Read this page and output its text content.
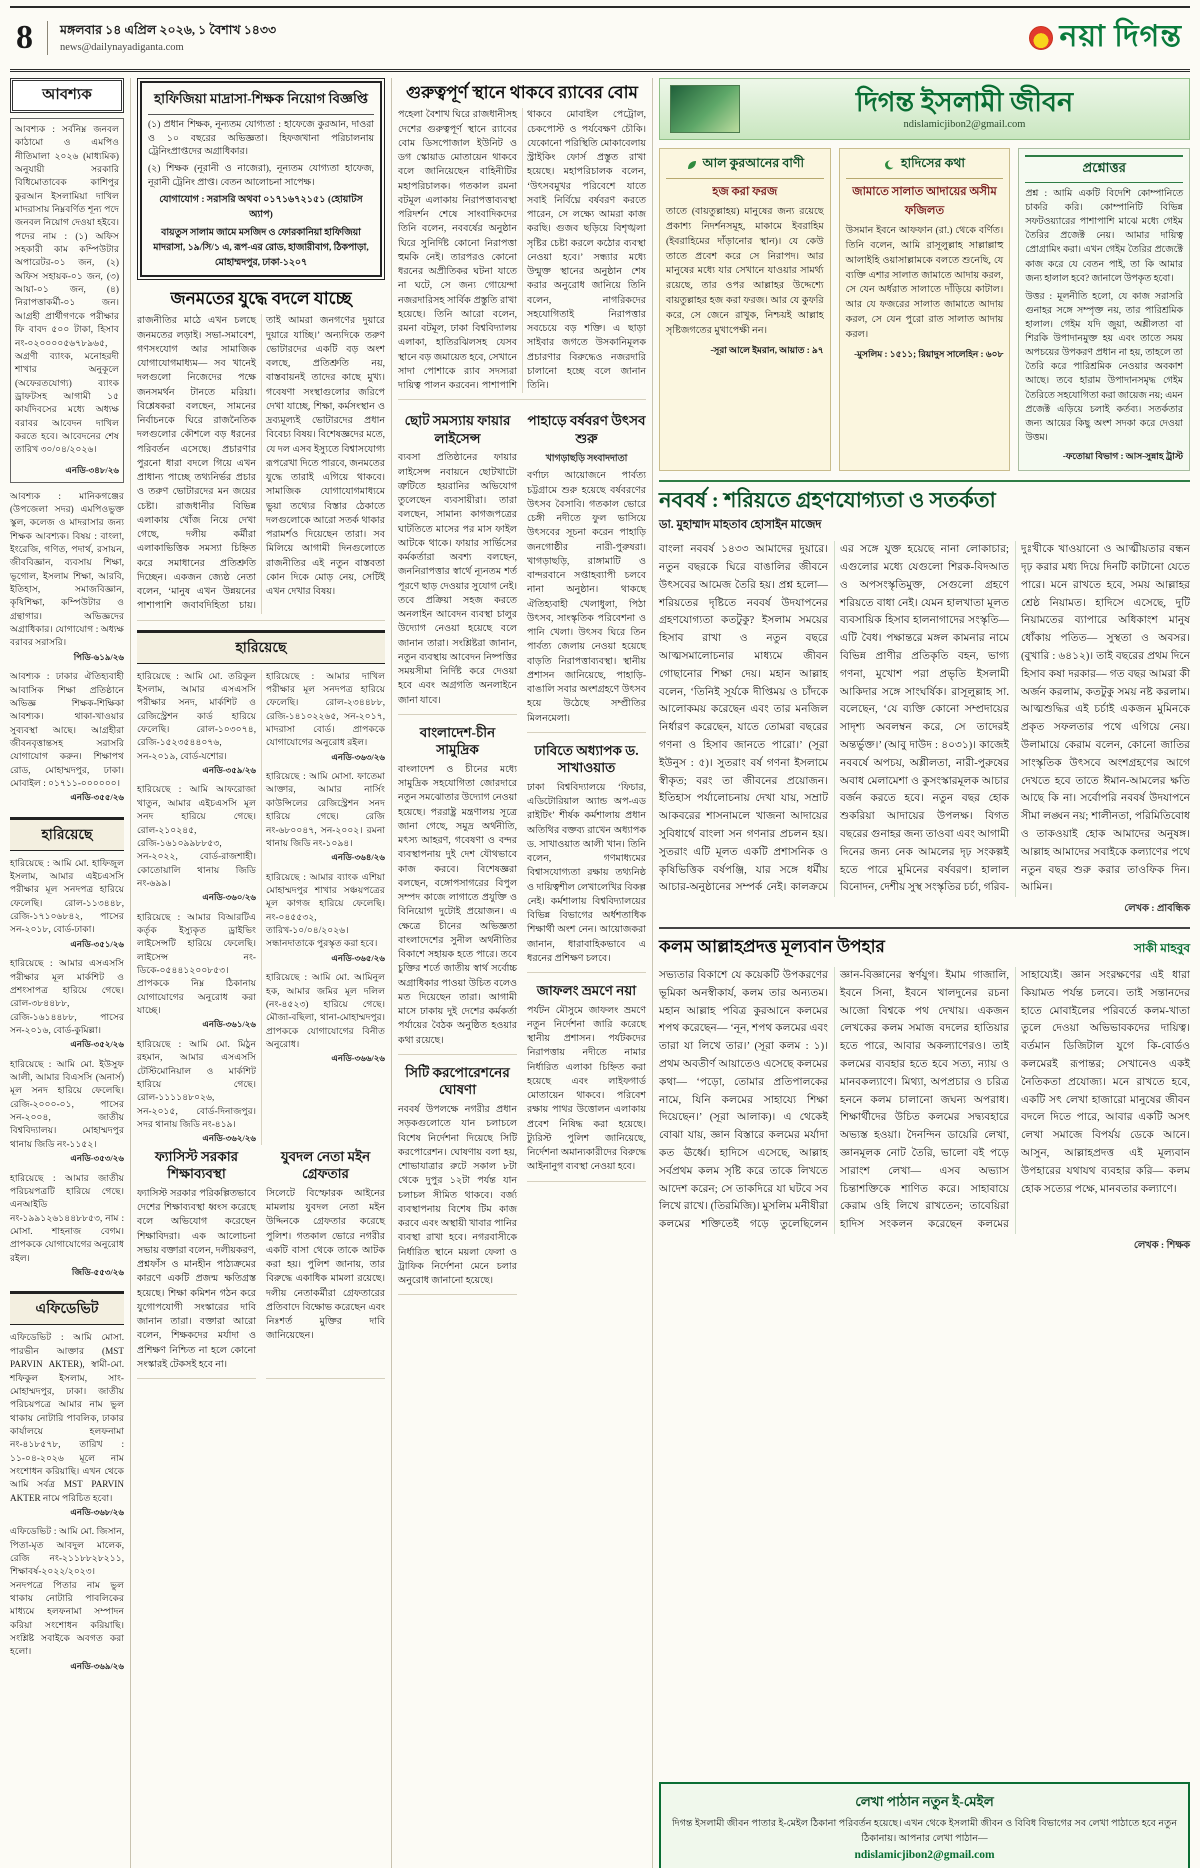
8	মঙ্গলবার ১৪ এপ্রিল ২০২৬, ১ বৈশাখ ১৪৩৩
news@dailynayadiganta.com	নয়া দিগন্ত
আবশ্যক

আবশ্যক : সর্বনিম্ন জনবল কাঠামো ও এমপিও নীতিমালা ২০২৬ (মাধ্যমিক) অনুযায়ী সরকারি বিধিমোতাবেক কাশিপুর কুরআন ইসলামিয়া দাখিল মাদরাসায় নিম্নবর্ণিত শূন্য পদে জনবল নিয়োগ দেওয়া হইবে। পদের নাম : (১) অফিস সহকারী কাম কম্পিউটার অপারেটর-০১ জন, (২) অফিস সহায়ক-০১ জন, (৩) আয়া-০১ জন, (৪) নিরাপত্তাকর্মী-০১ জন। আগ্রহী প্রার্থীগণকে পরীক্ষার ফি বাবদ ৫০০ টাকা, হিসাব নং-০২০০০০৫৬৭৮৯৬৫, অগ্রণী ব্যাংক, মনোহরদী শাখার অনুকূলে (অফেরতযোগ্য) ব্যাংক ড্রাফটসহ আগামী ১৫ কার্যদিবসের মধ্যে অধ্যক্ষ বরাবর আবেদন দাখিল করতে হবে। আবেদনের শেষ তারিখ ৩০/০৪/২০২৬।

এনডি-৩৪৮/২৬
আবশ্যক : মানিকগঞ্জের (উপজেলা সদর) এমপিওভুক্ত স্কুল, কলেজ ও মাদরাসার জন্য শিক্ষক আবশ্যক। বিষয় : বাংলা, ইংরেজি, গণিত, পদার্থ, রসায়ন, জীববিজ্ঞান, ব্যবসায় শিক্ষা, ভূগোল, ইসলাম শিক্ষা, আরবি, ইতিহাস, সমাজবিজ্ঞান, কৃষিশিক্ষা, কম্পিউটার ও গ্রন্থাগার। অভিজ্ঞদের অগ্রাধিকার। যোগাযোগ : অধ্যক্ষ বরাবর সরাসরি।
পিডি-৬১৯/২৬
আবশ্যক : ঢাকার ঐতিহ্যবাহী আবাসিক শিক্ষা প্রতিষ্ঠানে অভিজ্ঞ শিক্ষক-শিক্ষিকা আবশ্যক। থাকা-খাওয়ার সুব্যবস্থা আছে। আগ্রহীরা জীবনবৃত্তান্তসহ সরাসরি যোগাযোগ করুন। শিক্ষাপথ রোড, মোহাম্মদপুর, ঢাকা। মোবাইল : ০১৭১১-০০০০০০।
এনডি-৩৫৫/২৬
হারিয়েছে
হারিয়েছে : আমি মো. হাফিজুল ইসলাম, আমার এইচএসসি পরীক্ষার মূল সনদপত্র হারিয়ে ফেলেছি। রোল-১১৩৪৪৮, রেজি-১৭১০৬৮৪২, পাসের সন-২০১৮, বোর্ড-ঢাকা।
এনডি-৩৫১/২৬
হারিয়েছে : আমার এসএসসি পরীক্ষার মূল মার্কশিট ও প্রশংসাপত্র হারিয়ে গেছে। রোল-৩৮৪৪৮৮, রেজি-১৬১৪৪৮৮, পাসের সন-২০১৬, বোর্ড-কুমিল্লা।
এনডি-৩৫২/২৬
হারিয়েছে : আমি মো. ইউসুফ আলী, আমার বিএসসি (অনার্স) মূল সনদ হারিয়ে ফেলেছি। রেজি-২০০০-০১, পাসের সন-২০০৪, জাতীয় বিশ্ববিদ্যালয়। মোহাম্মদপুর থানায় জিডি নং-১১৫২।
এনডি-৩৫৩/২৬
হারিয়েছে : আমার জাতীয় পরিচয়পত্রটি হারিয়ে গেছে। এনআইডি নং-১৯৯১২৬১৪৪৮৮৫৩, নাম : মোসা. শাহনাজ বেগম। প্রাপককে যোগাযোগের অনুরোধ রইল।
জিডি-৫৫৩/২৬
এফিডেভিট
এফিডেভিট : আমি মোসা. পারভীন আক্তার (MST PARVIN AKTER), স্বামী-মো. শফিকুল ইসলাম, সাং-মোহাম্মদপুর, ঢাকা। জাতীয় পরিচয়পত্রে আমার নাম ভুল থাকায় নোটারি পাবলিক, ঢাকার কার্যালয়ে হলফনামা নং-৪১৮৫৭৮, তারিখ : ১১-০৪-২০২৬ মূলে নাম সংশোধন করিয়াছি। এখন থেকে আমি সর্বত্র MST PARVIN AKTER নামে পরিচিত হবো।
এনডি-৩৬৮/২৬
এফিডেভিট : আমি মো. জিসান, পিতা-মৃত আবদুল মালেক, রেজি নং-২১১৮৮২৮২১১, শিক্ষাবর্ষ-২০২২/২০২৩। সনদপত্রে পিতার নাম ভুল থাকায় নোটারি পাবলিকের মাধ্যমে হলফনামা সম্পাদন করিয়া সংশোধন করিয়াছি। সংশ্লিষ্ট সবাইকে অবগত করা হলো।
এনডি-৩৬৯/২৬
হাফিজিয়া মাদ্রাসা-শিক্ষক নিয়োগ বিজ্ঞপ্তি

(১) প্রধান শিক্ষক, নূন্যতম যোগ্যতা : হাফেজে কুরআন, দাওরা ও ১০ বছরের অভিজ্ঞতা। হিফজখানা পরিচালনায় ট্রেনিংপ্রাপ্তদের অগ্রাধিকার।

(২) শিক্ষক (নূরানী ও নাজেরা), নূন্যতম যোগ্যতা হাফেজ, নূরানী ট্রেনিং প্রাপ্ত। বেতন আলোচনা সাপেক্ষ।

যোগাযোগ : সরাসরি অথবা ০১৭১৬৭২১৫১ (হোয়াটস অ্যাপ)
বায়তুস সালাম জামে মসজিদ ও ফোরকানিয়া হাফিজিয়া মাদরাসা, ১৯/সি/১ এ, রূপ-এর রোড, হাজারীবাগ, ঠিকপাড়া, মোহাম্মদপুর, ঢাকা-১২০৭
জনমতের যুদ্ধে বদলে যাচ্ছে
রাজনীতির মাঠে এখন চলছে জনমতের লড়াই। সভা-সমাবেশ, গণসংযোগ আর সামাজিক যোগাযোগমাধ্যম— সব খানেই দলগুলো নিজেদের পক্ষে জনসমর্থন টানতে মরিয়া। বিশ্লেষকরা বলছেন, সামনের নির্বাচনকে ঘিরে রাজনৈতিক দলগুলোর কৌশলে বড় ধরনের পরিবর্তন এসেছে। প্রচারণার পুরনো ধারা বদলে গিয়ে এখন প্রাধান্য পাচ্ছে তথ্যনির্ভর প্রচার ও তরুণ ভোটারদের মন জয়ের চেষ্টা। রাজধানীর বিভিন্ন এলাকায় খোঁজ নিয়ে দেখা গেছে, দলীয় কর্মীরা এলাকাভিত্তিক সমস্যা চিহ্নিত করে সমাধানের প্রতিশ্রুতি দিচ্ছেন। একজন জ্যেষ্ঠ নেতা বলেন, ‘মানুষ এখন উন্নয়নের পাশাপাশি জবাবদিহিতা চায়। তাই আমরা জনগণের দুয়ারে দুয়ারে যাচ্ছি।’ অন্যদিকে তরুণ ভোটারদের একটি বড় অংশ বলছে, প্রতিশ্রুতি নয়, বাস্তবায়নই তাদের কাছে মুখ্য। গবেষণা সংস্থাগুলোর জরিপে দেখা যাচ্ছে, শিক্ষা, কর্মসংস্থান ও দ্রব্যমূল্যই ভোটারদের প্রধান বিবেচ্য বিষয়। বিশেষজ্ঞদের মতে, যে দল এসব ইস্যুতে বিশ্বাসযোগ্য রূপরেখা দিতে পারবে, জনমতের যুদ্ধে তারাই এগিয়ে থাকবে। সামাজিক যোগাযোগমাধ্যমে ভুয়া তথ্যের বিস্তার ঠেকাতে দলগুলোকে আরো সতর্ক থাকার পরামর্শও দিয়েছেন তারা। সব মিলিয়ে আগামী দিনগুলোতে রাজনীতির এই নতুন বাস্তবতা কোন দিকে মোড় নেয়, সেটিই এখন দেখার বিষয়।
হারিয়েছে
হারিয়েছে : আমি মো. তরিকুল ইসলাম, আমার এসএসসি পরীক্ষার সনদ, মার্কশিট ও রেজিস্ট্রেশন কার্ড হারিয়ে ফেলেছি। রোল-১০৩০৭৪, রেজি-১৫২৩৫৪৪০৭৬, সন-২০১৯, বোর্ড-যশোর।
এনডি-৩৫৯/২৬
হারিয়েছে : আমি আফরোজা খাতুন, আমার এইচএসসি মূল সনদ হারিয়ে গেছে। রোল-২১০২৪৫, রেজি-১৬১০৯৯৮৮৫৩, সন-২০২২, বোর্ড-রাজশাহী। কোতোয়ালি থানায় জিডি নং-৬৯৯।
এনডি-৩৬০/২৬
হারিয়েছে : আমার বিআরটিএ কর্তৃক ইস্যুকৃত ড্রাইভিং লাইসেন্সটি হারিয়ে ফেলেছি। লাইসেন্স নং-ডিকে-০৫৪৪১২০০৮৫৩। প্রাপককে নিম্ন ঠিকানায় যোগাযোগের অনুরোধ করা যাচ্ছে।
এনডি-৩৬১/২৬
হারিয়েছে : আমি মো. মিঠুন রহমান, আমার এসএসসি টেস্টিমোনিয়াল ও মার্কশিট হারিয়ে গেছে। রোল-১১১১৪৮০২৬, সন-২০১৫, বোর্ড-দিনাজপুর। সদর থানায় জিডি নং-৪১৯।
এনডি-৩৬২/২৬
হারিয়েছে : আমার দাখিল পরীক্ষার মূল সনদপত্র হারিয়ে ফেলেছি। রোল-২৩৪৪৮৮, রেজি-১৪১০২২৬৫, সন-২০১৭, মাদরাসা বোর্ড। প্রাপককে যোগাযোগের অনুরোধ রইল।
এনডি-৩৬৩/২৬
হারিয়েছে : আমি মোসা. ফাতেমা আক্তার, আমার নার্সিং কাউন্সিলের রেজিস্ট্রেশন সনদ হারিয়ে গেছে। রেজি নং-৬৮০০৪৭, সন-২০০২। রমনা থানায় জিডি নং-১০৯৪।
এনডি-৩৬৪/২৬
হারিয়েছে : আমার ব্যাংক এশিয়া মোহাম্মদপুর শাখার সঞ্চয়পত্রের মূল কাগজ হারিয়ে ফেলেছি। নং-০৪৫৫৩২, তারিখ-১০/০৪/২০২৬। সন্ধানদাতাকে পুরস্কৃত করা হবে।
এনডি-৩৬৫/২৬
হারিয়েছে : আমি মো. আমিনুল হক, আমার জমির মূল দলিল (নং-৪৫২৩) হারিয়ে গেছে। মৌজা-বছিলা, থানা-মোহাম্মদপুর। প্রাপককে যোগাযোগের বিনীত অনুরোধ।
এনডি-৩৬৬/২৬
ফ্যাসিস্ট সরকার শিক্ষাব্যবস্থা
ফ্যাসিস্ট সরকার পরিকল্পিতভাবে দেশের শিক্ষাব্যবস্থা ধ্বংস করেছে বলে অভিযোগ করেছেন শিক্ষাবিদরা। এক আলোচনা সভায় বক্তারা বলেন, দলীয়করণ, প্রশ্নফাঁস ও মানহীন পাঠ্যক্রমের কারণে একটি প্রজন্ম ক্ষতিগ্রস্ত হয়েছে। শিক্ষা কমিশন গঠন করে যুগোপযোগী সংস্কারের দাবি জানান তারা। বক্তারা আরো বলেন, শিক্ষকদের মর্যাদা ও প্রশিক্ষণ নিশ্চিত না হলে কোনো সংস্কারই টেকসই হবে না।
যুবদল নেতা মইন গ্রেফতার
সিলেটে বিস্ফোরক আইনের মামলায় যুবদল নেতা মইন উদ্দিনকে গ্রেফতার করেছে পুলিশ। গতকাল ভোরে নগরীর একটি বাসা থেকে তাকে আটক করা হয়। পুলিশ জানায়, তার বিরুদ্ধে একাধিক মামলা রয়েছে। দলীয় নেতাকর্মীরা গ্রেফতারের প্রতিবাদে বিক্ষোভ করেছেন এবং নিঃশর্ত মুক্তির দাবি জানিয়েছেন।
গুরুত্বপূর্ণ স্থানে থাকবে র‍্যাবের বোম
পহেলা বৈশাখ ঘিরে রাজধানীসহ দেশের গুরুত্বপূর্ণ স্থানে র‍্যাবের বোম ডিসপোজাল ইউনিট ও ডগ স্কোয়াড মোতায়েন থাকবে বলে জানিয়েছেন বাহিনীটির মহাপরিচালক। গতকাল রমনা বটমূল এলাকায় নিরাপত্তাব্যবস্থা পরিদর্শন শেষে সাংবাদিকদের তিনি বলেন, নববর্ষের অনুষ্ঠান ঘিরে সুনির্দিষ্ট কোনো নিরাপত্তা হুমকি নেই। তারপরও কোনো ধরনের অপ্রীতিকর ঘটনা যাতে না ঘটে, সে জন্য গোয়েন্দা নজরদারিসহ সার্বিক প্রস্তুতি রাখা হয়েছে। তিনি আরো বলেন, রমনা বটমূল, ঢাকা বিশ্ববিদ্যালয় এলাকা, হাতিরঝিলসহ যেসব স্থানে বড় জমায়েত হবে, সেখানে সাদা পোশাকে র‍্যাব সদস্যরা দায়িত্ব পালন করবেন। পাশাপাশি থাকবে মোবাইল পেট্রোল, চেকপোস্ট ও পর্যবেক্ষণ চৌকি। যেকোনো পরিস্থিতি মোকাবেলায় স্ট্রাইকিং ফোর্স প্রস্তুত রাখা হয়েছে। মহাপরিচালক বলেন, ‘উৎসবমুখর পরিবেশে যাতে সবাই নির্বিঘ্নে বর্ষবরণ করতে পারেন, সে লক্ষ্যে আমরা কাজ করছি। গুজব ছড়িয়ে বিশৃঙ্খলা সৃষ্টির চেষ্টা করলে কঠোর ব্যবস্থা নেওয়া হবে।’ সন্ধ্যার মধ্যে উন্মুক্ত স্থানের অনুষ্ঠান শেষ করার অনুরোধ জানিয়ে তিনি বলেন, নাগরিকদের সহযোগিতাই নিরাপত্তার সবচেয়ে বড় শক্তি। এ ছাড়া সাইবার জগতে উসকানিমূলক প্রচারণার বিরুদ্ধেও নজরদারি চালানো হচ্ছে বলে জানান তিনি।
ছোট সমস্যায় ফায়ার লাইসেন্স
ব্যবসা প্রতিষ্ঠানের ফায়ার লাইসেন্স নবায়নে ছোটখাটো ত্রুটিতে হয়রানির অভিযোগ তুলেছেন ব্যবসায়ীরা। তারা বলছেন, সামান্য কাগজপত্রের ঘাটতিতে মাসের পর মাস ফাইল আটকে থাকে। ফায়ার সার্ভিসের কর্মকর্তারা অবশ্য বলছেন, জননিরাপত্তার স্বার্থে ন্যূনতম শর্ত পূরণে ছাড় দেওয়ার সুযোগ নেই। তবে প্রক্রিয়া সহজ করতে অনলাইন আবেদন ব্যবস্থা চালুর উদ্যোগ নেওয়া হয়েছে বলে জানান তারা। সংশ্লিষ্টরা জানান, নতুন ব্যবস্থায় আবেদন নিষ্পত্তির সময়সীমা নির্দিষ্ট করে দেওয়া হবে এবং অগ্রগতি অনলাইনে জানা যাবে।
বাংলাদেশ-চীন সামুদ্রিক
বাংলাদেশ ও চীনের মধ্যে সামুদ্রিক সহযোগিতা জোরদারে নতুন সমঝোতার উদ্যোগ নেওয়া হয়েছে। পররাষ্ট্র মন্ত্রণালয় সূত্রে জানা গেছে, সমুদ্র অর্থনীতি, মৎস্য আহরণ, গবেষণা ও বন্দর ব্যবস্থাপনায় দুই দেশ যৌথভাবে কাজ করবে। বিশেষজ্ঞরা বলছেন, বঙ্গোপসাগরের বিপুল সম্পদ কাজে লাগাতে প্রযুক্তি ও বিনিয়োগ দুটোই প্রয়োজন। এ ক্ষেত্রে চীনের অভিজ্ঞতা বাংলাদেশের সুনীল অর্থনীতির বিকাশে সহায়ক হতে পারে। তবে চুক্তির শর্তে জাতীয় স্বার্থ সর্বোচ্চ অগ্রাধিকার পাওয়া উচিত বলেও মত দিয়েছেন তারা। আগামী মাসে ঢাকায় দুই দেশের কর্মকর্তা পর্যায়ের বৈঠক অনুষ্ঠিত হওয়ার কথা রয়েছে।
সিটি করপোরেশনের ঘোষণা
নববর্ষ উপলক্ষে নগরীর প্রধান সড়কগুলোতে যান চলাচলে বিশেষ নির্দেশনা দিয়েছে সিটি করপোরেশন। ঘোষণায় বলা হয়, শোভাযাত্রার রুটে সকাল ৮টা থেকে দুপুর ১২টা পর্যন্ত যান চলাচল সীমিত থাকবে। বর্জ্য ব্যবস্থাপনায় বিশেষ টিম কাজ করবে এবং অস্থায়ী খাবার পানির ব্যবস্থা রাখা হবে। নগরবাসীকে নির্ধারিত স্থানে ময়লা ফেলা ও ট্রাফিক নির্দেশনা মেনে চলার অনুরোধ জানানো হয়েছে।
পাহাড়ে বর্ষবরণ উৎসব শুরু
খাগড়াছড়ি সংবাদদাতা
বর্ণাঢ্য আয়োজনে পার্বত্য চট্টগ্রামে শুরু হয়েছে বর্ষবরণের উৎসব বৈসাবি। গতকাল ভোরে চেঙ্গী নদীতে ফুল ভাসিয়ে উৎসবের সূচনা করেন পাহাড়ি জনগোষ্ঠীর নারী-পুরুষরা। খাগড়াছড়ি, রাঙ্গামাটি ও বান্দরবানে সপ্তাহব্যাপী চলবে নানা অনুষ্ঠান। থাকছে ঐতিহ্যবাহী খেলাধুলা, পিঠা উৎসব, সাংস্কৃতিক পরিবেশনা ও পানি খেলা। উৎসব ঘিরে তিন পার্বত্য জেলায় নেওয়া হয়েছে বাড়তি নিরাপত্তাব্যবস্থা। স্থানীয় প্রশাসন জানিয়েছে, পাহাড়ি-বাঙালি সবার অংশগ্রহণে উৎসব হয়ে উঠেছে সম্প্রীতির মিলনমেলা।
ঢাবিতে অধ্যাপক ড. সাখাওয়াত
ঢাকা বিশ্ববিদ্যালয়ে ‘ফিচার, এডিটোরিয়াল অ্যান্ড অপ-এড রাইটিং’ শীর্ষক কর্মশালায় প্রধান অতিথির বক্তব্য রাখেন অধ্যাপক ড. সাখাওয়াত আলী খান। তিনি বলেন, গণমাধ্যমের বিশ্বাসযোগ্যতা রক্ষায় তথ্যনিষ্ঠ ও দায়িত্বশীল লেখালেখির বিকল্প নেই। কর্মশালায় বিশ্ববিদ্যালয়ের বিভিন্ন বিভাগের অর্ধশতাধিক শিক্ষার্থী অংশ নেন। আয়োজকরা জানান, ধারাবাহিকভাবে এ ধরনের প্রশিক্ষণ চলবে।
জাফলং ভ্রমণে নয়া
পর্যটন মৌসুমে জাফলং ভ্রমণে নতুন নির্দেশনা জারি করেছে স্থানীয় প্রশাসন। পর্যটকদের নিরাপত্তায় নদীতে নামার নির্ধারিত এলাকা চিহ্নিত করা হয়েছে এবং লাইফগার্ড মোতায়েন থাকবে। পরিবেশ রক্ষায় পাথর উত্তোলন এলাকায় প্রবেশ নিষিদ্ধ করা হয়েছে। ট্যুরিস্ট পুলিশ জানিয়েছে, নির্দেশনা অমান্যকারীদের বিরুদ্ধে আইনানুগ ব্যবস্থা নেওয়া হবে।
দিগন্ত ইসলামী জীবন
ndislamicjibon2@gmail.com
আল কুরআনের বাণী
হজ করা ফরজ
তাতে (বায়তুল্লাহয়) মানুষের জন্য রয়েছে প্রকাশ্য নিদর্শনসমূহ, মাকামে ইবরাহিম (ইবরাহিমের দাঁড়ানোর স্থান)। যে কেউ তাতে প্রবেশ করে সে নিরাপদ। আর মানুষের মধ্যে যার সেখানে যাওয়ার সামর্থ্য রয়েছে, তার ওপর আল্লাহর উদ্দেশ্যে বায়তুল্লাহর হজ করা ফরজ। আর যে কুফরি করে, সে জেনে রাখুক, নিশ্চয়ই আল্লাহ সৃষ্টিজগতের মুখাপেক্ষী নন।
-সূরা আলে ইমরান, আয়াত : ৯৭
হাদিসের কথা
জামাতে সালাত আদায়ের অসীম ফজিলত
উসমান ইবনে আফফান (রা.) থেকে বর্ণিত। তিনি বলেন, আমি রাসূলুল্লাহ সাল্লাল্লাহু আলাইহি ওয়াসাল্লামকে বলতে শুনেছি, যে ব্যক্তি এশার সালাত জামাতে আদায় করল, সে যেন অর্ধরাত সালাতে দাঁড়িয়ে কাটাল। আর যে ফজরের সালাত জামাতে আদায় করল, সে যেন পুরো রাত সালাত আদায় করল।
-মুসলিম : ১৫১১; রিয়াদুস সালেহিন : ৬০৮
প্রশ্নোত্তর

প্রশ্ন : আমি একটি বিদেশি কোম্পানিতে চাকরি করি। কোম্পানিটি বিভিন্ন সফটওয়্যারের পাশাপাশি মাঝে মধ্যে গেইম তৈরির প্রজেক্ট নেয়। আমার দায়িত্ব প্রোগ্রামিং করা। এখন গেইম তৈরির প্রজেক্টে কাজ করে যে বেতন পাই, তা কি আমার জন্য হালাল হবে? জানালে উপকৃত হবো।

উত্তর : মূলনীতি হলো, যে কাজ সরাসরি গুনাহর সঙ্গে সম্পৃক্ত নয়, তার পারিশ্রমিক হালাল। গেইম যদি জুয়া, অশ্লীলতা বা শিরকি উপাদানমুক্ত হয় এবং তাতে সময় অপচয়ের উপকরণ প্রধান না হয়, তাহলে তা তৈরি করে পারিশ্রমিক নেওয়ার অবকাশ আছে। তবে হারাম উপাদানসমৃদ্ধ গেইম তৈরিতে সহযোগিতা করা জায়েজ নয়; এমন প্রজেক্ট এড়িয়ে চলাই কর্তব্য। সতর্কতার জন্য আয়ের কিছু অংশ সদকা করে দেওয়া উত্তম।

-ফতোয়া বিভাগ : আস-সুন্নাহ ট্রাস্ট
নববর্ষ : শরিয়তে গ্রহণযোগ্যতা ও সতর্কতা
ডা. মুহাম্মাদ মাহতাব হোসাইন মাজেদ
বাংলা নববর্ষ ১৪৩৩ আমাদের দুয়ারে। নতুন বছরকে ঘ‍িরে বাঙালির জীবনে উৎসবের আমেজ তৈরি হয়। প্রশ্ন হলো— শরিয়তের দৃষ্টিতে নববর্ষ উদযাপনের গ্রহণযোগ্যতা কতটুকু? ইসলাম সময়ের হিসাব রাখা ও নতুন বছরে আত্মসমালোচনার মাধ্যমে জীবন গোছানোর শিক্ষা দেয়। মহান আল্লাহ বলেন, ‘তিনিই সূর্যকে দীপ্তিময় ও চাঁদকে আলোকময় করেছেন এবং তার মনজিল নির্ধারণ করেছেন, যাতে তোমরা বছরের গণনা ও হিসাব জানতে পারো।’ (সূরা ইউনুস : ৫)। সুতরাং বর্ষ গণনা ইসলামে স্বীকৃত; বরং তা জীবনের প্রয়োজন। ইতিহাস পর্যালোচনায় দেখা যায়, সম্রাট আকবরের শাসনামলে খাজনা আদায়ের সুবিধার্থে বাংলা সন গণনার প্রচলন হয়। সুতরাং এটি মূলত একটি প্রশাসনিক ও কৃষিভিত্তিক বর্ষপঞ্জি, যার সঙ্গে ধর্মীয় আচার-অনুষ্ঠানের সম্পর্ক নেই। কালক্রমে এর সঙ্গে যুক্ত হয়েছে নানা লোকাচার; এগুলোর মধ্যে যেগুলো শিরক-বিদআত ও অপসংস্কৃতিমুক্ত, সেগুলো গ্রহণে শরিয়তে বাধা নেই। যেমন হালখাতা মূলত ব্যবসায়িক হিসাব হালনাগাদের সংস্কৃতি— এটি বৈধ। পক্ষান্তরে মঙ্গল কামনার নামে বিভিন্ন প্রাণীর প্রতিকৃতি বহন, ভাগ্য গণনা, মুখোশ পরা প্রভৃতি ইসলামী আকিদার সঙ্গে সাংঘর্ষিক। রাসূলুল্লাহ সা. বলেছেন, ‘যে ব্যক্তি কোনো সম্প্রদায়ের সাদৃশ্য অবলম্বন করে, সে তাদেরই অন্তর্ভুক্ত।’ (আবু দাউদ : ৪০৩১)। কাজেই নববর্ষে অপচয়, অশ্লীলতা, নারী-পুরুষের অবাধ মেলামেশা ও কুসংস্কারমূলক আচার বর্জন করতে হবে। নতুন বছর হোক শুকরিয়া আদায়ের উপলক্ষ। বিগত বছরের গুনাহর জন্য তাওবা এবং আগামী দিনের জন্য নেক আমলের দৃঢ় সংকল্পই হতে পারে মুমিনের বর্ষবরণ। হালাল বিনোদন, দেশীয় সুস্থ সংস্কৃতির চর্চা, গরিব-দুঃখীকে খাওয়ানো ও আত্মীয়তার বন্ধন দৃঢ় করার মধ্য দিয়ে দিনটি কাটানো যেতে পারে। মনে রাখতে হবে, সময় আল্লাহর শ্রেষ্ঠ নিয়ামত। হাদিসে এসেছে, দুটি নিয়ামতের ব্যাপারে অধিকাংশ মানুষ ধোঁকায় পতিত— সুস্থতা ও অবসর। (বুখারি : ৬৪১২)। তাই বছরের প্রথম দিনে হিসাব কষা দরকার— গত বছর আমরা কী অর্জন করলাম, কতটুকু সময় নষ্ট করলাম। আত্মশুদ্ধির এই চর্চাই একজন মুমিনকে প্রকৃত সফলতার পথে এগিয়ে নেয়। উলামায়ে কেরাম বলেন, কোনো জাতির সাংস্কৃতিক উৎসবে অংশগ্রহণের আগে দেখতে হবে তাতে ঈমান-আমলের ক্ষতি আছে কি না। সর্বোপরি নববর্ষ উদযাপনে সীমা লঙ্ঘন নয়; শালীনতা, পরিমিতিবোধ ও তাকওয়াই হোক আমাদের অনুষঙ্গ। আল্লাহ আমাদের সবাইকে কল্যাণের পথে নতুন বছর শুরু করার তাওফিক দিন। আমিন।
লেখক : প্রাবন্ধিক
কলম আল্লাহপ্রদত্ত মূল্যবান উপহার	সাকী মাহবুব
সভ্যতার বিকাশে যে কয়েকটি উপকরণের ভূমিকা অনস্বীকার্য, কলম তার অন্যতম। মহান আল্লাহ পবিত্র কুরআনে কলমের শপথ করেছেন— ‘নূন, শপথ কলমের এবং তারা যা লিখে তার।’ (সূরা কলম : ১)। প্রথম অবতীর্ণ আয়াতেও এসেছে কলমের কথা— ‘পড়ো, তোমার প্রতিপালকের নামে, যিনি কলমের সাহায্যে শিক্ষা দিয়েছেন।’ (সূরা আলাক)। এ থেকেই বোঝা যায়, জ্ঞান বিস্তারে কলমের মর্যাদা কত ঊর্ধ্বে। হাদিসে এসেছে, আল্লাহ সর্বপ্রথম কলম সৃষ্টি করে তাকে লিখতে আদেশ করেন; সে তাকদিরে যা ঘটবে সব লিখে রাখে। (তিরমিজি)। মুসলিম মনীষীরা কলমের শক্তিতেই গড়ে তুলেছিলেন জ্ঞান-বিজ্ঞানের স্বর্ণযুগ। ইমাম গাজালি, ইবনে সিনা, ইবনে খালদুনের রচনা আজো বিশ্বকে পথ দেখায়। একজন লেখকের কলম সমাজ বদলের হাতিয়ার হতে পারে, আবার অকল্যাণেরও। তাই কলমের ব্যবহার হতে হবে সত্য, ন্যায় ও মানবকল্যাণে। মিথ্যা, অপপ্রচার ও চরিত্র হননে কলম চালানো জঘন্য অপরাধ। শিক্ষার্থীদের উচিত কলমের সদ্ব্যবহারে অভ্যস্ত হওয়া। দৈনন্দিন ডায়েরি লেখা, জ্ঞানমূলক নোট তৈরি, ভালো বই পড়ে সারাংশ লেখা— এসব অভ্যাস চিন্তাশক্তিকে শাণিত করে। সাহাবায়ে কেরাম ওহি লিখে রাখতেন; তাবেয়িরা হাদিস সংকলন করেছেন কলমের সাহায্যেই। জ্ঞান সংরক্ষণের এই ধারা কিয়ামত পর্যন্ত চলবে। তাই সন্তানদের হাতে মোবাইলের পরিবর্তে কলম-খাতা তুলে দেওয়া অভিভাবকদের দায়িত্ব। বর্তমান ডিজিটাল যুগে কি-বোর্ডও কলমেরই রূপান্তর; সেখানেও একই নৈতিকতা প্রযোজ্য। মনে রাখতে হবে, একটি সৎ লেখা হাজারো মানুষের জীবন বদলে দিতে পারে, আবার একটি অসৎ লেখা সমাজে বিপর্যয় ডেকে আনে। আসুন, আল্লাহপ্রদত্ত এই মূল্যবান উপহারের যথাযথ ব্যবহার করি— কলম হোক সত্যের পক্ষে, মানবতার কল্যাণে।
লেখক : শিক্ষক
লেখা পাঠান নতুন ই-মেইল
দিগন্ত ইসলামী জীবন পাতার ই-মেইল ঠিকানা পরিবর্তন হয়েছে। এখন থেকে ইসলামী জীবন ও বিবিধ বিভাগের সব লেখা পাঠাতে হবে নতুন ঠিকানায়। আপনার লেখা পাঠান—
ndislamicjibon2@gmail.com
